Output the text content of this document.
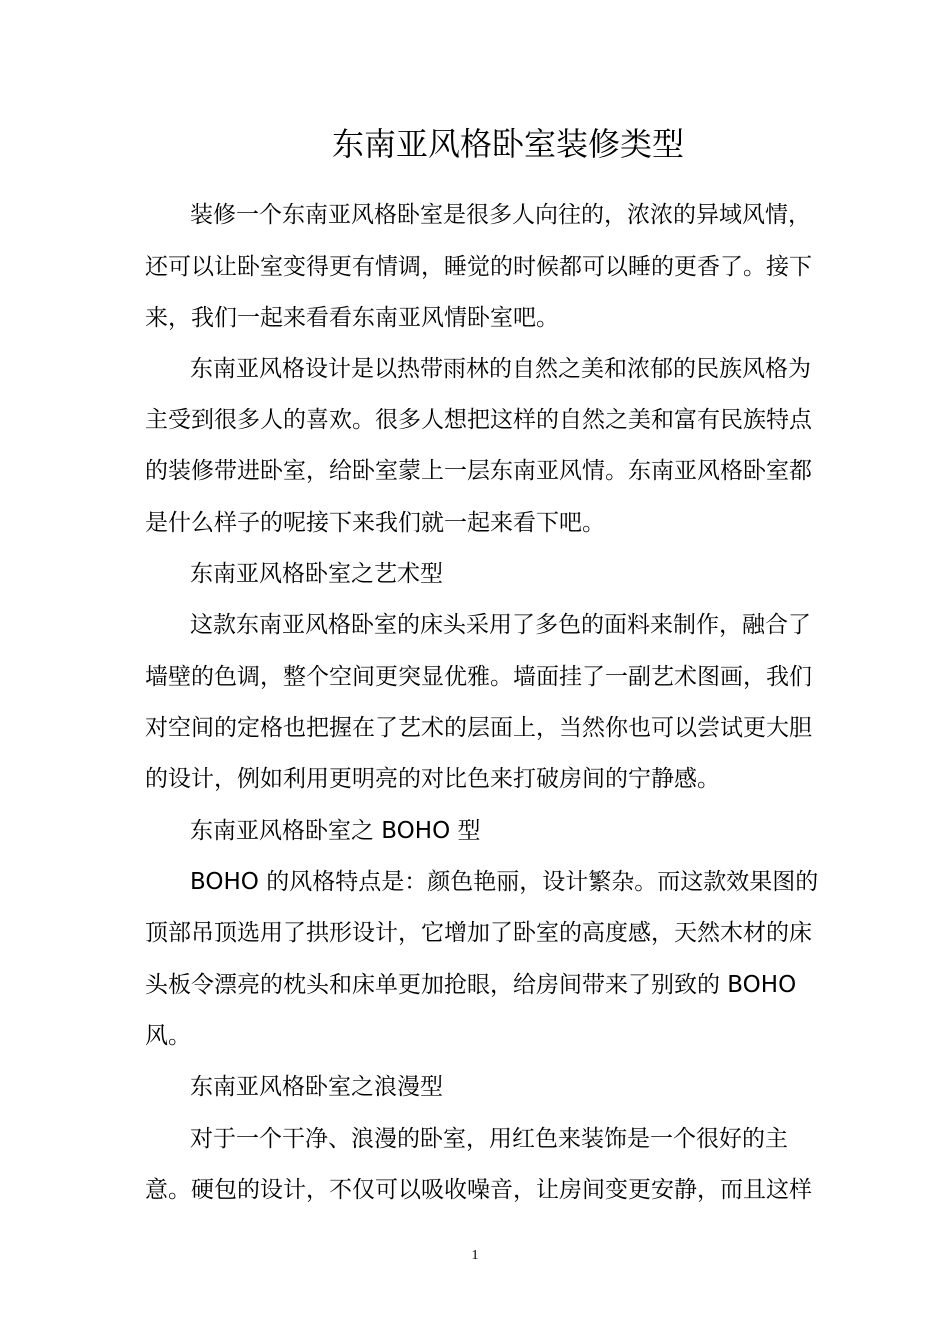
东南亚风格卧室装修类型
装修一个东南亚风格卧室是很多人向往的，浓浓的异域风情，
还可以让卧室变得更有情调，睡觉的时候都可以睡的更香了。接下
来，我们一起来看看东南亚风情卧室吧。
东南亚风格设计是以热带雨林的自然之美和浓郁的民族风格为
主受到很多人的喜欢。很多人想把这样的自然之美和富有民族特点
的装修带进卧室，给卧室蒙上一层东南亚风情。东南亚风格卧室都
是什么样子的呢接下来我们就一起来看下吧。
东南亚风格卧室之艺术型
这款东南亚风格卧室的床头采用了多色的面料来制作，融合了
墙壁的色调，整个空间更突显优雅。墙面挂了一副艺术图画，我们
对空间的定格也把握在了艺术的层面上，当然你也可以尝试更大胆
的设计，例如利用更明亮的对比色来打破房间的宁静感。
东南亚风格卧室之 BOHO 型
BOHO 的风格特点是：颜色艳丽，设计繁杂。而这款效果图的
顶部吊顶选用了拱形设计，它增加了卧室的高度感，天然木材的床
头板令漂亮的枕头和床单更加抢眼，给房间带来了别致的 BOHO
风。
东南亚风格卧室之浪漫型
对于一个干净、浪漫的卧室，用红色来装饰是一个很好的主
意。硬包的设计，不仅可以吸收噪音，让房间变更安静，而且这样
1
